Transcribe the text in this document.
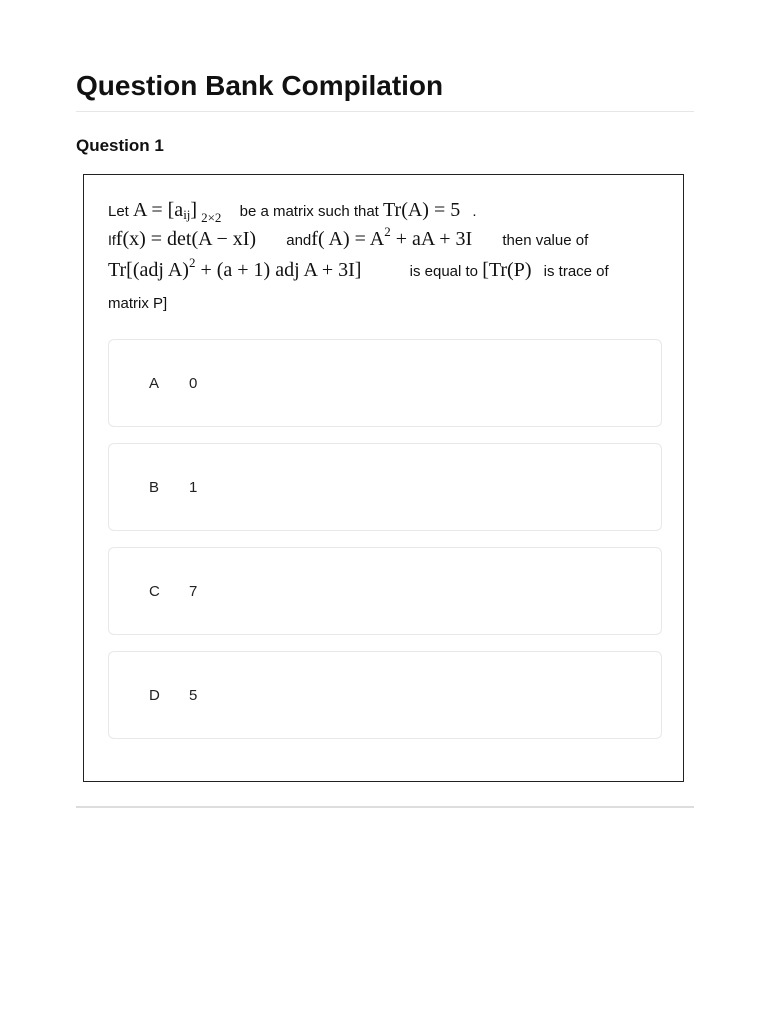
Question Bank Compilation
Question 1
Let A = [aij] $_{2\times 2}$ be a matrix such that Tr(A) = 5 .
Iff(x) = det(A − xI) andf( $A) = A^2$ + aA + 3I then value of
Tr[(adj A)$^2$ + (a + 1) adj A + 3I]	is equal to [Tr(P) is trace of
matrix P]
A 0
B 1
C 7
D 5
